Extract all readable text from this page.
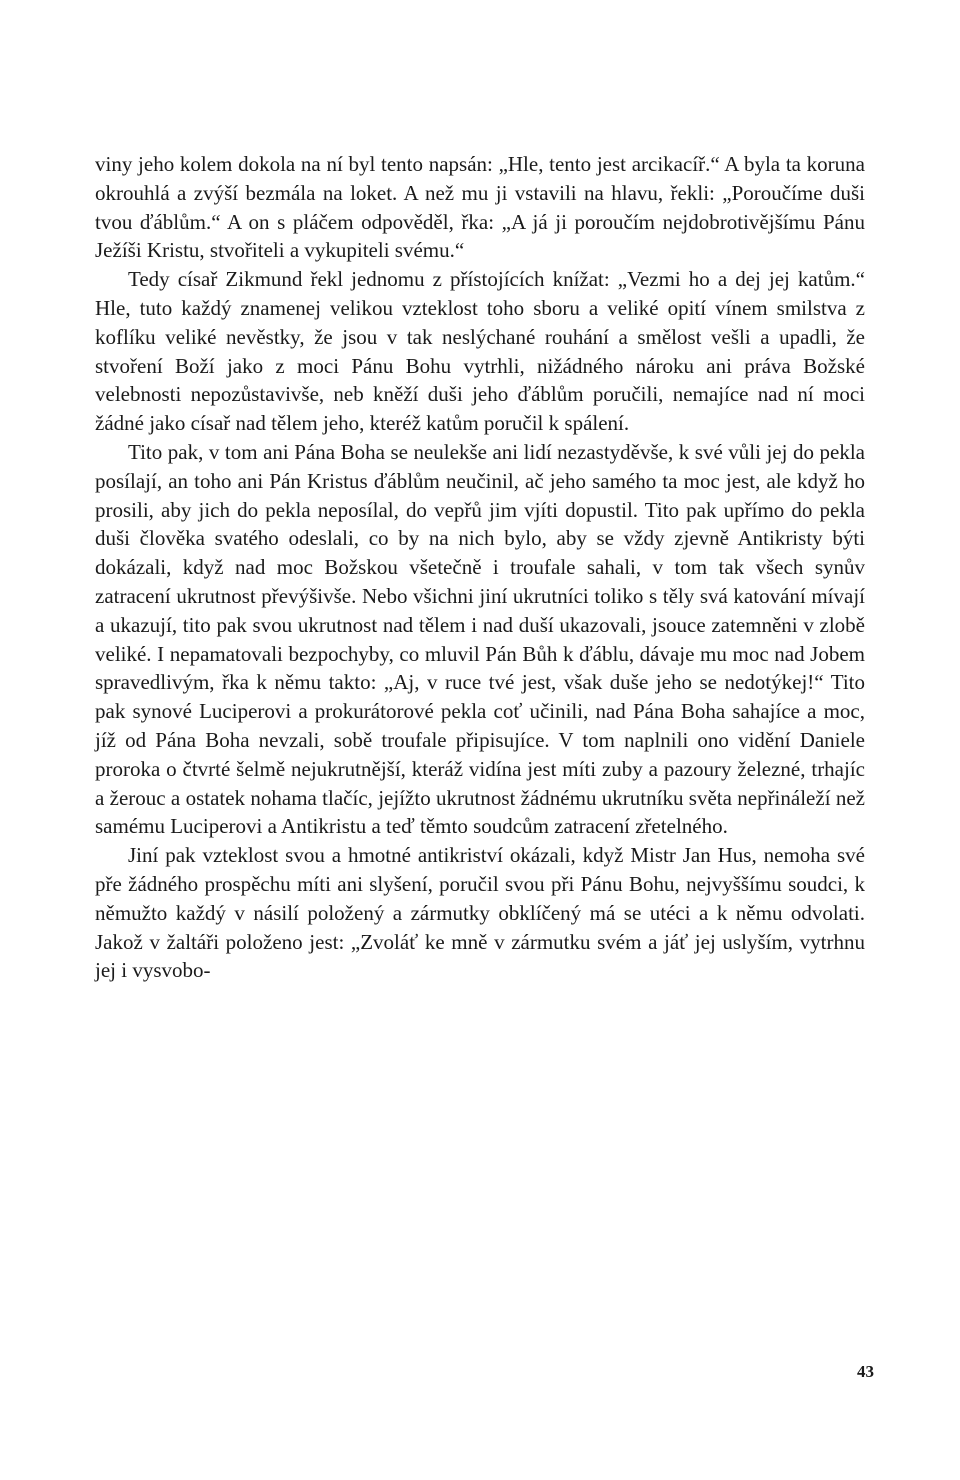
viny jeho kolem dokola na ní byl tento napsán: „Hle, tento jest arcikacíř.“ A byla ta koruna okrouhlá a zvýší bezmála na loket. A než mu ji vstavili na hlavu, řekli: „Poroučíme duši tvou ďáblům.“ A on s pláčem odpověděl, řka: „A já ji poroučím nejdobrotivějšímu Pánu Ježíši Kristu, stvořiteli a vykupiteli svému.“

Tedy císař Zikmund řekl jednomu z přístojících knížat: „Vezmi ho a dej jej katům.“ Hle, tuto každý znamenej velikou vzteklost toho sboru a veliké opití vínem smilstva z koflíku veliké nevěstky, že jsou v tak neslýchané rouhání a smělost vešli a upadli, že stvoření Boží jako z moci Pánu Bohu vytrhli, nižádného nároku ani práva Božské velebnosti nepozůstavivše, neb kněží duši jeho ďáblům poručili, nemajíce nad ní moci žádné jako císař nad tělem jeho, kteréž katům poručil k spálení.

Tito pak, v tom ani Pána Boha se neulekše ani lidí nezastyděvše, k své vůli jej do pekla posílají, an toho ani Pán Kristus ďáblům neučinil, ač jeho samého ta moc jest, ale když ho prosili, aby jich do pekla neposílal, do vepřů jim vjíti dopustil. Tito pak upřímo do pekla duši člověka svatého odeslali, co by na nich bylo, aby se vždy zjevně Antikristy býti dokázali, když nad moc Božskou všetečně i troufale sahali, v tom tak všech synův zatracení ukrutnost převýšivše. Nebo všichni jiní ukrutníci toliko s těly svá katování mívají a ukazují, tito pak svou ukrutnost nad tělem i nad duší ukazovali, jsouce zatemněni v zlobě veliké. I nepamatovali bezpochyby, co mluvil Pán Bůh k ďáblu, dávaje mu moc nad Jobem spravedlivým, řka k němu takto: „Aj, v ruce tvé jest, však duše jeho se nedotýkej!“ Tito pak synové Luciperovi a prokurátorové pekla coť učinili, nad Pána Boha sahajíce a moc, jíž od Pána Boha nevzali, sobě troufale připisujíce. V tom naplnili ono vidění Daniele proroka o čtvrté šelmě nejukrutnější, kteráž vidína jest míti zuby a pazoury železné, trhajíc a žerouc a ostatek nohama tlačíc, jejížto ukrutnost žádnému ukrutníku světa nepřináleží než samému Luciperovi a Antikristu a teď těmto soudcům zatracení zřetelného.

Jiní pak vzteklost svou a hmotné antikriství okázali, když Mistr Jan Hus, nemoha své pře žádného prospěchu míti ani slyšení, poručil svou při Pánu Bohu, nejvyššímu soudci, k němužto každý v násilí položený a zármutky obklíčený má se utéci a k němu odvolati. Jakož v žaltáři položeno jest: „Zvoláť ke mně v zármutku svém a jáť jej uslyším, vytrhnu jej i vysvobo-

43
